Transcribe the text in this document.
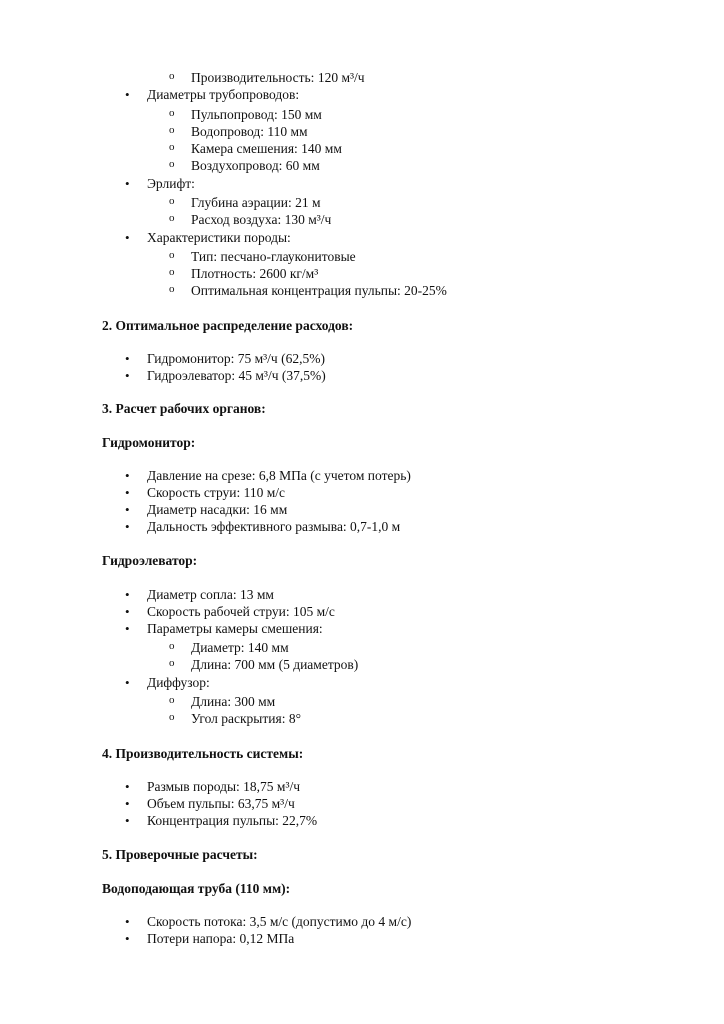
o Производительность: 120 м³/ч
• Диаметры трубопроводов:
o Пульпопровод: 150 мм
o Водопровод: 110 мм
o Камера смешения: 140 мм
o Воздухопровод: 60 мм
• Эрлифт:
o Глубина аэрации: 21 м
o Расход воздуха: 130 м³/ч
• Характеристики породы:
o Тип: песчано-глауконитовые
o Плотность: 2600 кг/м³
o Оптимальная концентрация пульпы: 20-25%
2. Оптимальное распределение расходов:
• Гидромонитор: 75 м³/ч (62,5%)
• Гидроэлеватор: 45 м³/ч (37,5%)
3. Расчет рабочих органов:
Гидромонитор:
• Давление на срезе: 6,8 МПа (с учетом потерь)
• Скорость струи: 110 м/с
• Диаметр насадки: 16 мм
• Дальность эффективного размыва: 0,7-1,0 м
Гидроэлеватор:
• Диаметр сопла: 13 мм
• Скорость рабочей струи: 105 м/с
• Параметры камеры смешения:
o Диаметр: 140 мм
o Длина: 700 мм (5 диаметров)
• Диффузор:
o Длина: 300 мм
o Угол раскрытия: 8°
4. Производительность системы:
• Размыв породы: 18,75 м³/ч
• Объем пульпы: 63,75 м³/ч
• Концентрация пульпы: 22,7%
5. Проверочные расчеты:
Водоподающая труба (110 мм):
• Скорость потока: 3,5 м/с (допустимо до 4 м/с)
• Потери напора: 0,12 МПа
